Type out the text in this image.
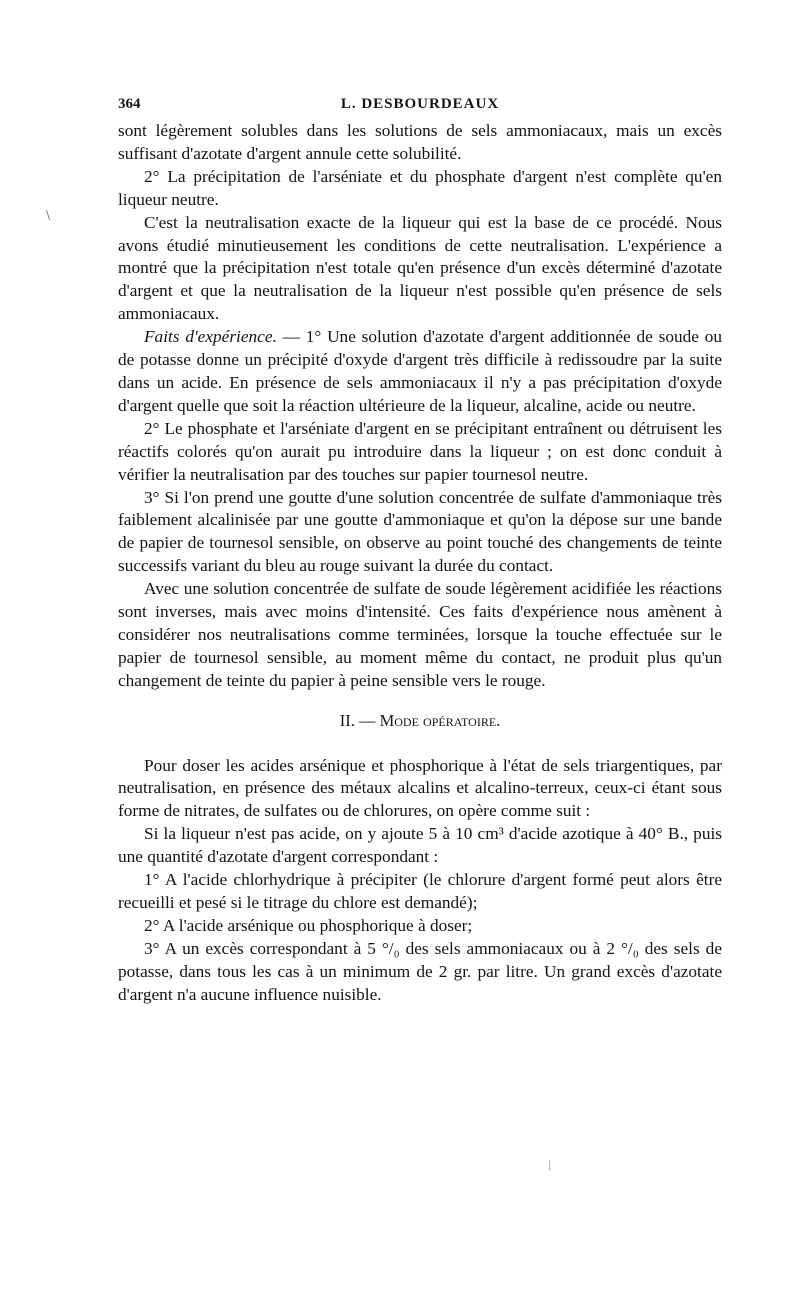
\
|
364	L. DESBOURDEAUX

sont légèrement solubles dans les solutions de sels ammoniacaux, mais un excès suffisant d'azotate d'argent annule cette solubilité.

2° La précipitation de l'arséniate et du phosphate d'argent n'est complète qu'en liqueur neutre.

C'est la neutralisation exacte de la liqueur qui est la base de ce procédé. Nous avons étudié minutieusement les conditions de cette neutralisation. L'expérience a montré que la précipitation n'est totale qu'en présence d'un excès déterminé d'azotate d'argent et que la neutralisation de la liqueur n'est possible qu'en présence de sels ammoniacaux.

Faits d'expérience. — 1° Une solution d'azotate d'argent additionnée de soude ou de potasse donne un précipité d'oxyde d'argent très difficile à redissoudre par la suite dans un acide. En présence de sels ammoniacaux il n'y a pas précipitation d'oxyde d'argent quelle que soit la réaction ultérieure de la liqueur, alcaline, acide ou neutre.

2° Le phosphate et l'arséniate d'argent en se précipitant entraînent ou détruisent les réactifs colorés qu'on aurait pu introduire dans la liqueur ; on est donc conduit à vérifier la neutralisation par des touches sur papier tournesol neutre.

3° Si l'on prend une goutte d'une solution concentrée de sulfate d'ammoniaque très faiblement alcalinisée par une goutte d'ammoniaque et qu'on la dépose sur une bande de papier de tournesol sensible, on observe au point touché des changements de teinte successifs variant du bleu au rouge suivant la durée du contact.

Avec une solution concentrée de sulfate de soude légèrement acidifiée les réactions sont inverses, mais avec moins d'intensité. Ces faits d'expérience nous amènent à considérer nos neutralisations comme terminées, lorsque la touche effectuée sur le papier de tournesol sensible, au moment même du contact, ne produit plus qu'un changement de teinte du papier à peine sensible vers le rouge.

II. — Mode opératoire.

Pour doser les acides arsénique et phosphorique à l'état de sels triargentiques, par neutralisation, en présence des métaux alcalins et alcalino-terreux, ceux-ci étant sous forme de nitrates, de sulfates ou de chlorures, on opère comme suit :

Si la liqueur n'est pas acide, on y ajoute 5 à 10 cm³ d'acide azotique à 40° B., puis une quantité d'azotate d'argent correspondant :

1° A l'acide chlorhydrique à précipiter (le chlorure d'argent formé peut alors être recueilli et pesé si le titrage du chlore est demandé);

2° A l'acide arsénique ou phosphorique à doser;

3° A un excès correspondant à 5 °/₀ des sels ammoniacaux ou à 2 °/₀ des sels de potasse, dans tous les cas à un minimum de 2 gr. par litre. Un grand excès d'azotate d'argent n'a aucune influence nuisible.
